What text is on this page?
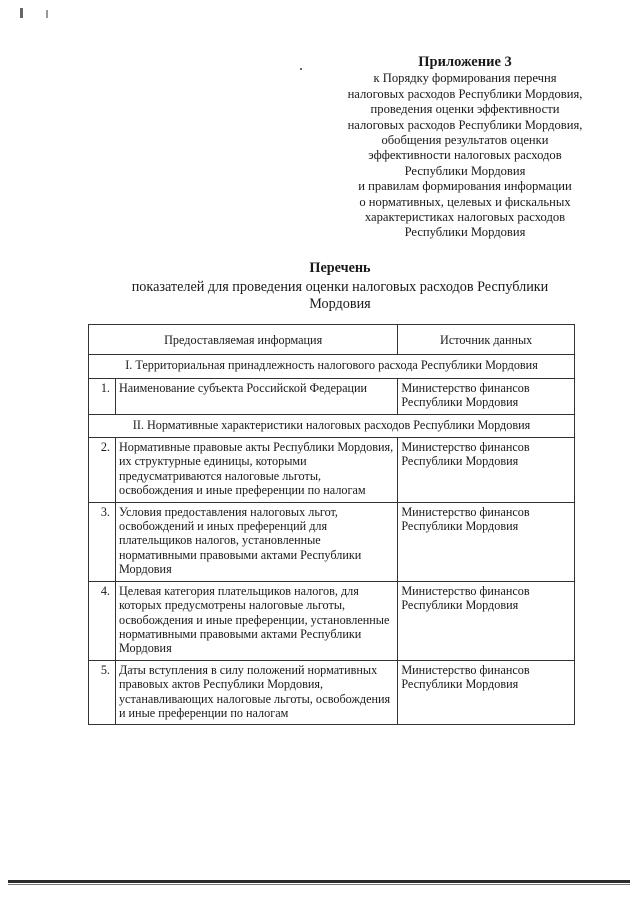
Приложение 3
к Порядку формирования перечня
налоговых расходов Республики Мордовия,
проведения оценки эффективности
налоговых расходов Республики Мордовия,
обобщения результатов оценки
эффективности налоговых расходов
Республики Мордовия
и правилам формирования информации
о нормативных, целевых и фискальных
характеристиках налоговых расходов
Республики Мордовия
Перечень
показателей для проведения оценки налоговых расходов Республики Мордовия
Предоставляемая информация		Источник данных
I. Территориальная принадлежность налогового расхода Республики Мордовия		
1.	Наименование субъекта Российской Федерации	Министерство финансов Республики Мордовия
II. Нормативные характеристики налоговых расходов Республики Мордовия		
2.	Нормативные правовые акты Республики Мордовия, их структурные единицы, которыми предусматриваются налоговые льготы, освобождения и иные преференции по налогам	Министерство финансов Республики Мордовия
3.	Условия предоставления налоговых льгот, освобождений и иных преференций для плательщиков налогов, установленные нормативными правовыми актами Республики Мордовия	Министерство финансов Республики Мордовия
4.	Целевая категория плательщиков налогов, для которых предусмотрены налоговые льготы, освобождения и иные преференции, установленные нормативными правовыми актами Республики Мордовия	Министерство финансов Республики Мордовия
5.	Даты вступления в силу положений нормативных правовых актов Республики Мордовия, устанавливающих налоговые льготы, освобождения и иные преференции по налогам	Министерство финансов Республики Мордовия
